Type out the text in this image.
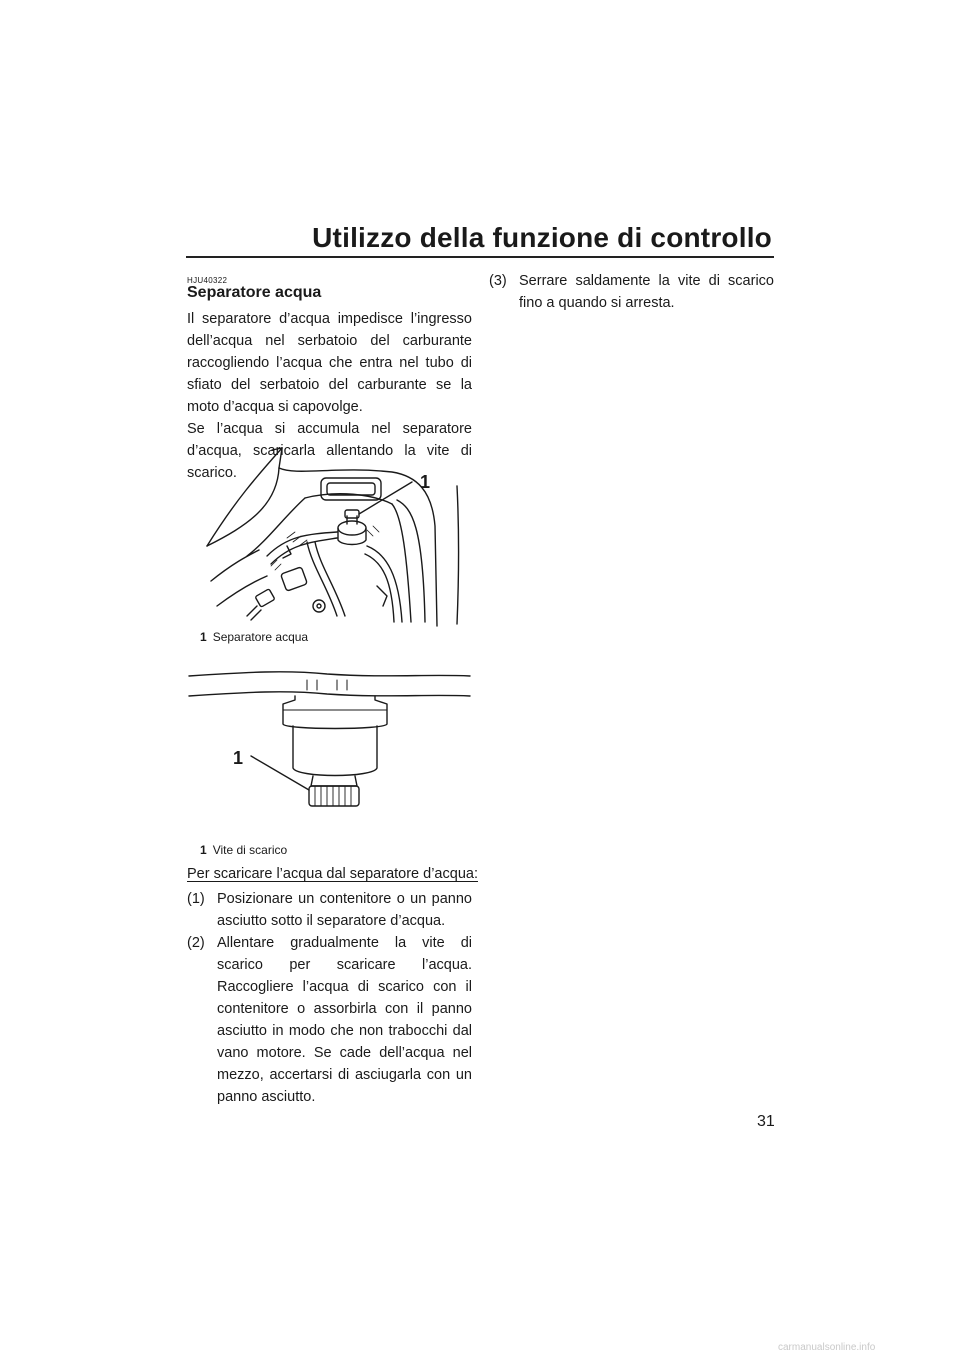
Utilizzo della funzione di controllo
HJU40322
Separatore acqua

Il separatore d’acqua impedisce l’ingresso dell’acqua nel serbatoio del carburante raccogliendo l’acqua che entra nel tubo di sfiato del serbatoio del carburante se la moto d’acqua si capovolge.

Se l’acqua si accumula nel separatore d’acqua, scaricarla allentando la vite di scarico.	1
1 Separatore acqua
1
1 Vite di scarico
Per scaricare l’acqua dal separatore d’acqua:
(1) Posizionare un contenitore o un panno asciutto sotto il separatore d’acqua.
(2) Allentare gradualmente la vite di scarico per scaricare l’acqua. Raccogliere l’acqua di scarico con il contenitore o assorbirla con il panno asciutto in modo che non trabocchi dal vano motore. Se cade dell’acqua nel mezzo, accertarsi di asciugarla con un panno asciutto.
(3) Serrare saldamente la vite di scarico fino a quando si arresta.
31
carmanualsonline.info
